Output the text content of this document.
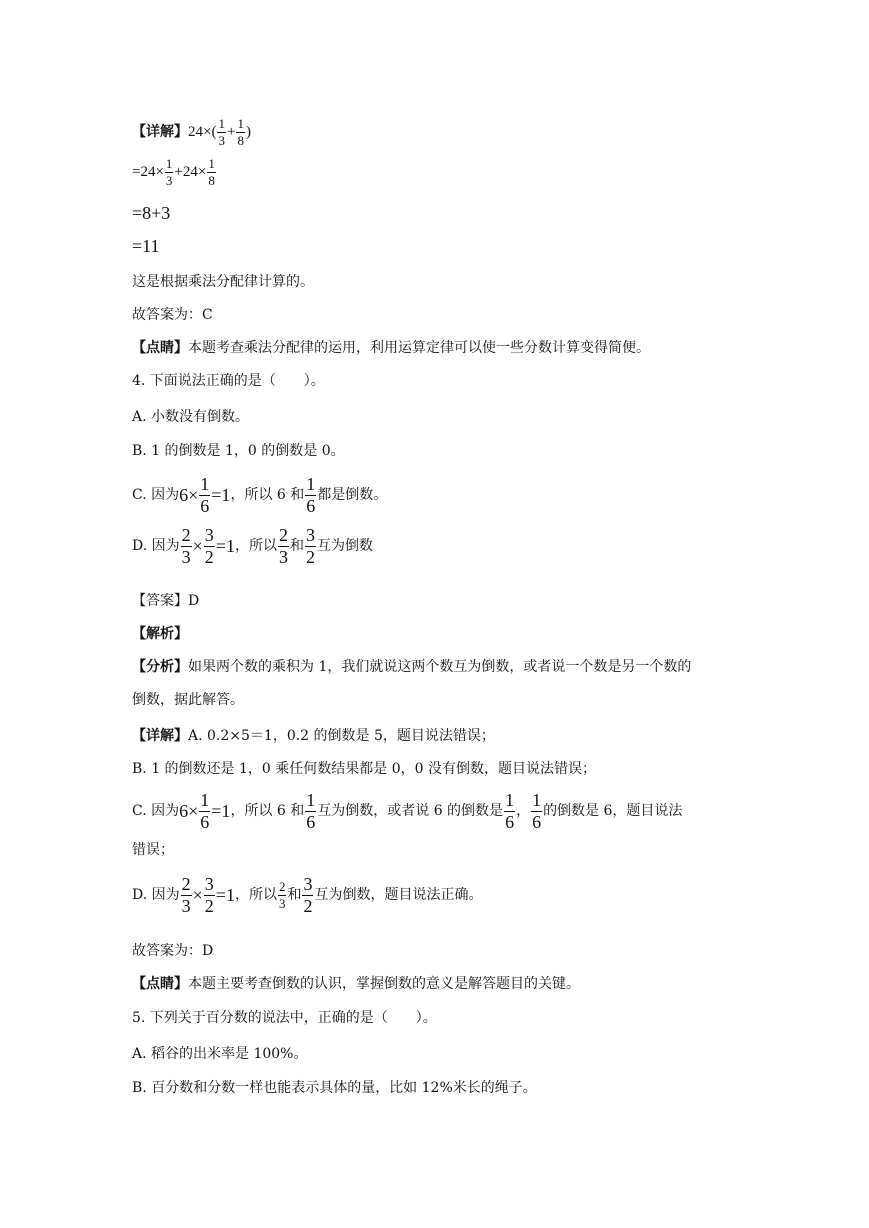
【详解】 $24\times( \frac{1}{3} + \frac{1}{8}$ )
$=24\times \frac{1}{3} +24\times \frac{1}{8}$
=8+3
=11
这是根据乘法分配律计算的。
故答案为：C
【点睛】 本题考查乘法分配律的运用，利用运算定律可以使一些分数计算变得简便。
4. 下面说法正确的是（　　）。
A. 小数没有倒数。
B. 1 的倒数是 1，0 的倒数是 0。
C. 因为 $6\times \frac{1}{6} =1$ ，所以 6 和 $\frac{1}{6}$ 都是倒数。
D. 因为 $\frac{2}{3} \times \frac{3}{2} =1$ ，所以 $\frac{2}{3}$ 和 $\frac{3}{2}$ 互为倒数
【答案】D
【解析】
【分析】 如果两个数的乘积为 1，我们就说这两个数互为倒数，或者说一个数是另一个数的
倒数，据此解答。
【详解】 A. 0.2×5＝1，0.2 的倒数是 5，题目说法错误；
B. 1 的倒数还是 1，0 乘任何数结果都是 0，0 没有倒数，题目说法错误；
C. 因为 $6\times \frac{1}{6} =1$ ，所以 6 和 $\frac{1}{6}$ 互为倒数，或者说 6 的倒数是 $\frac{1}{6}$ ， $\frac{1}{6}$ 的倒数是 6，题目说法
错误；
D. 因为 $\frac{2}{3} \times \frac{3}{2} =1$ ，所以 $\frac{2}{3}$ 和 $\frac{3}{2}$ 互为倒数，题目说法正确。
故答案为：D
【点睛】 本题主要考查倒数的认识，掌握倒数的意义是解答题目的关键。
5. 下列关于百分数的说法中，正确的是（　　）。
A. 稻谷的出米率是 100%。
B. 百分数和分数一样也能表示具体的量，比如 12%米长的绳子。
